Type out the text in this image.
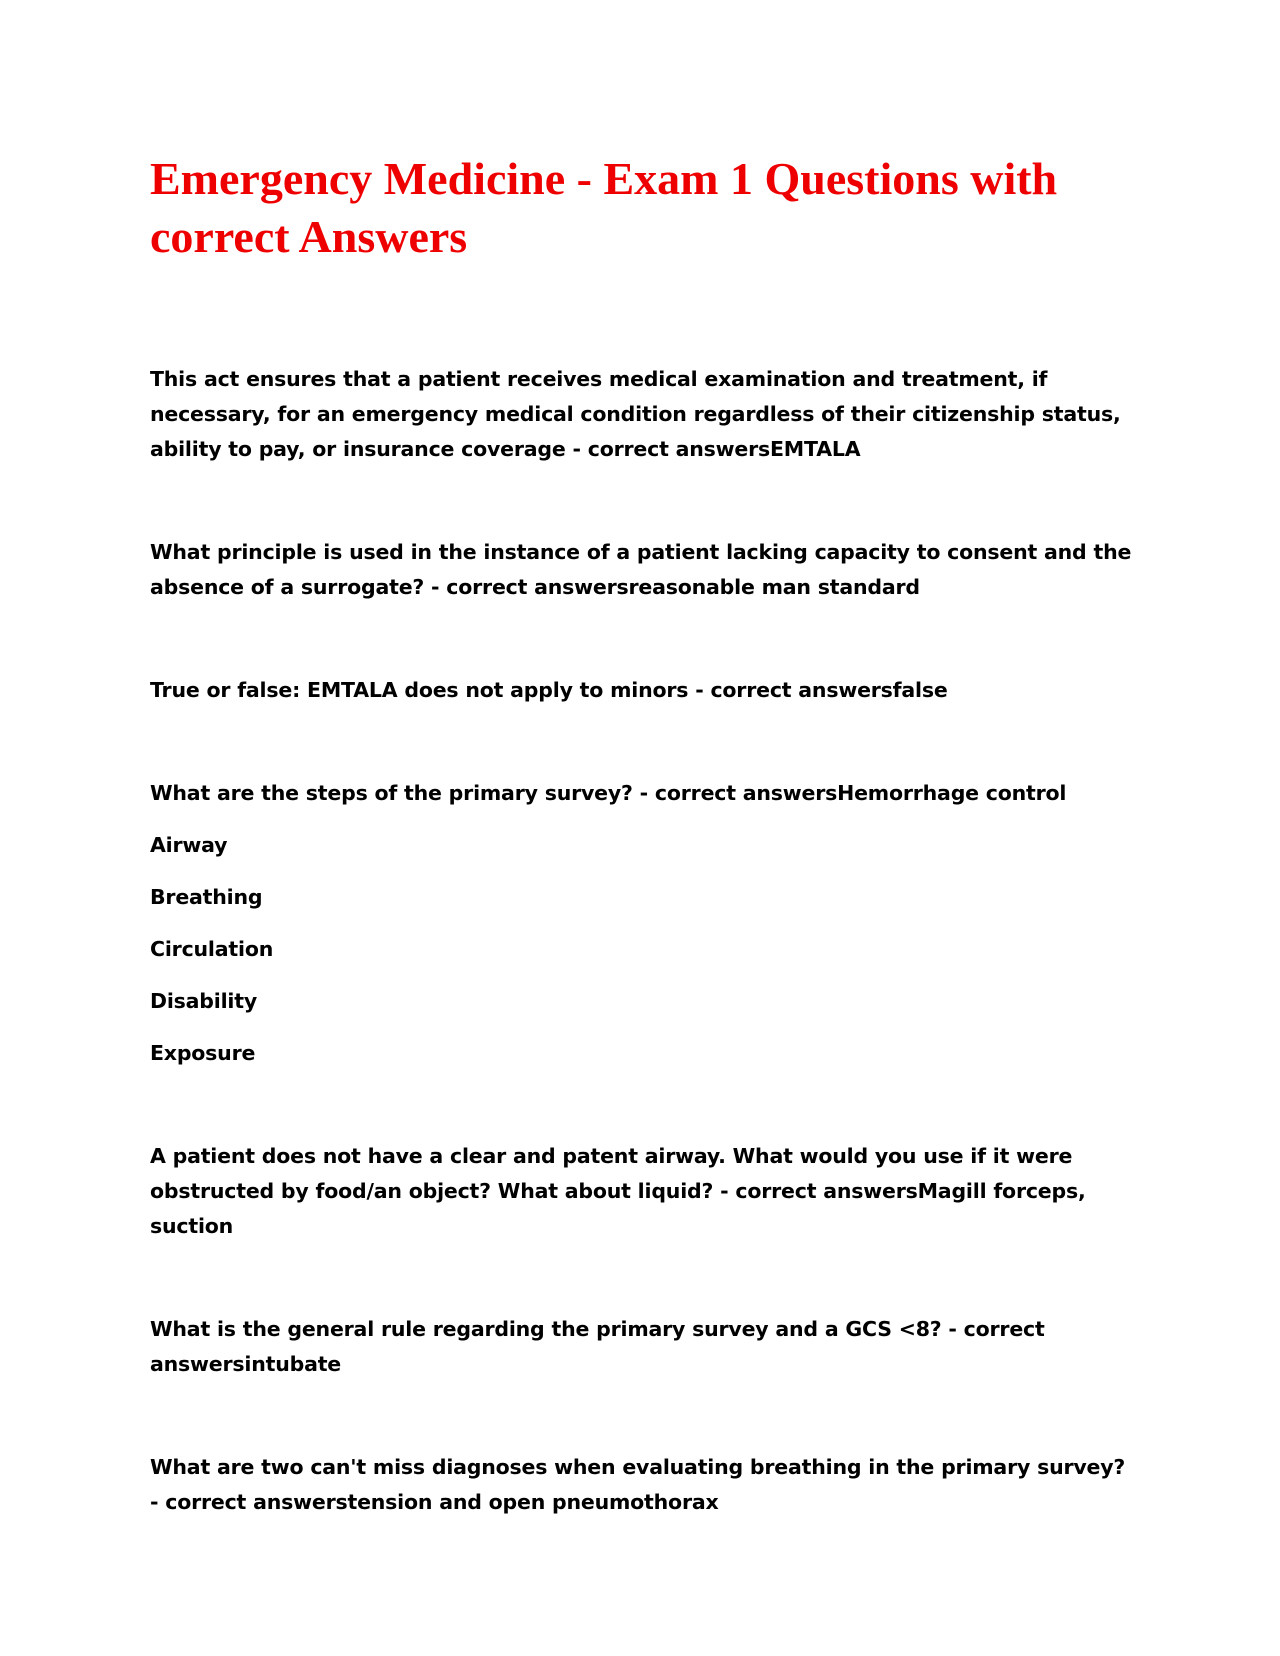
Emergency Medicine - Exam 1 Questions with correct Answers

This act ensures that a patient receives medical examination and treatment, if necessary, for an emergency medical condition regardless of their citizenship status, ability to pay, or insurance coverage - correct answersEMTALA

What principle is used in the instance of a patient lacking capacity to consent and the absence of a surrogate? - correct answersreasonable man standard

True or false: EMTALA does not apply to minors - correct answersfalse

What are the steps of the primary survey? - correct answersHemorrhage control
Airway
Breathing
Circulation
Disability
Exposure

A patient does not have a clear and patent airway. What would you use if it were obstructed by food/an object? What about liquid? - correct answersMagill forceps, suction

What is the general rule regarding the primary survey and a GCS <8? - correct answersintubate

What are two can't miss diagnoses when evaluating breathing in the primary survey? - correct answerstension and open pneumothorax
